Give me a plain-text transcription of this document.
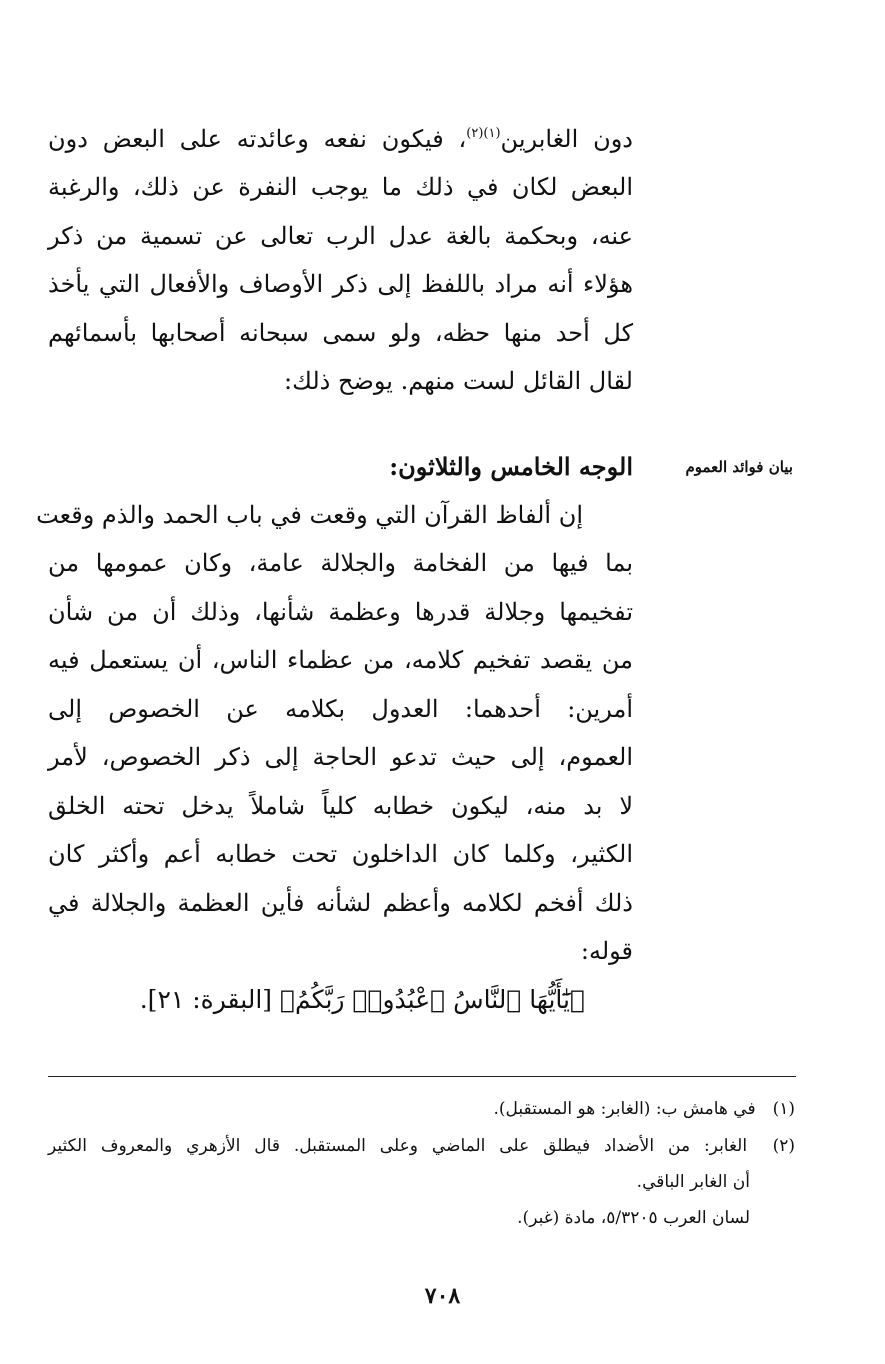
دون الغابرين$^{(١)(٢)}$، فيكون نفعه وعائدته على البعض دون
البعض لكان في ذلك ما يوجب النفرة عن ذلك، والرغبة
عنه، وبحكمة بالغة عدل الرب تعالى عن تسمية من ذكر
هؤلاء أنه مراد باللفظ إلى ذكر الأوصاف والأفعال التي يأخذ
كل أحد منها حظه، ولو سمى سبحانه أصحابها بأسمائهم
لقال القائل لست منهم. يوضح ذلك:
بيان فوائد العموم
الوجه الخامس والثلاثون:
إن ألفاظ القرآن التي وقعت في باب الحمد والذم وقعت
بما فيها من الفخامة والجلالة عامة، وكان عمومها من
تفخيمها وجلالة قدرها وعظمة شأنها، وذلك أن من شأن
من يقصد تفخيم كلامه، من عظماء الناس، أن يستعمل فيه
أمرين: أحدهما: العدول بكلامه عن الخصوص إلى
العموم، إلى حيث تدعو الحاجة إلى ذكر الخصوص، لأمر
لا بد منه، ليكون خطابه كلياً شاملاً يدخل تحته الخلق
الكثير، وكلما كان الداخلون تحت خطابه أعم وأكثر كان
ذلك أفخم لكلامه وأعظم لشأنه فأين العظمة والجلالة في
قوله:
﴿يَٰٓأَيُّهَا ٱلنَّاسُ ٱعْبُدُوا۟ رَبَّكُمُ﴾ [البقرة: ٢١].
(١) في هامش ب: (الغابر: هو المستقبل).
(٢) الغابر: من الأضداد فيطلق على الماضي وعلى المستقبل. قال الأزهري والمعروف الكثير
أن الغابر الباقي.
لسان العرب ٥/٣٢٠٥، مادة (غبر).
٧٠٨
